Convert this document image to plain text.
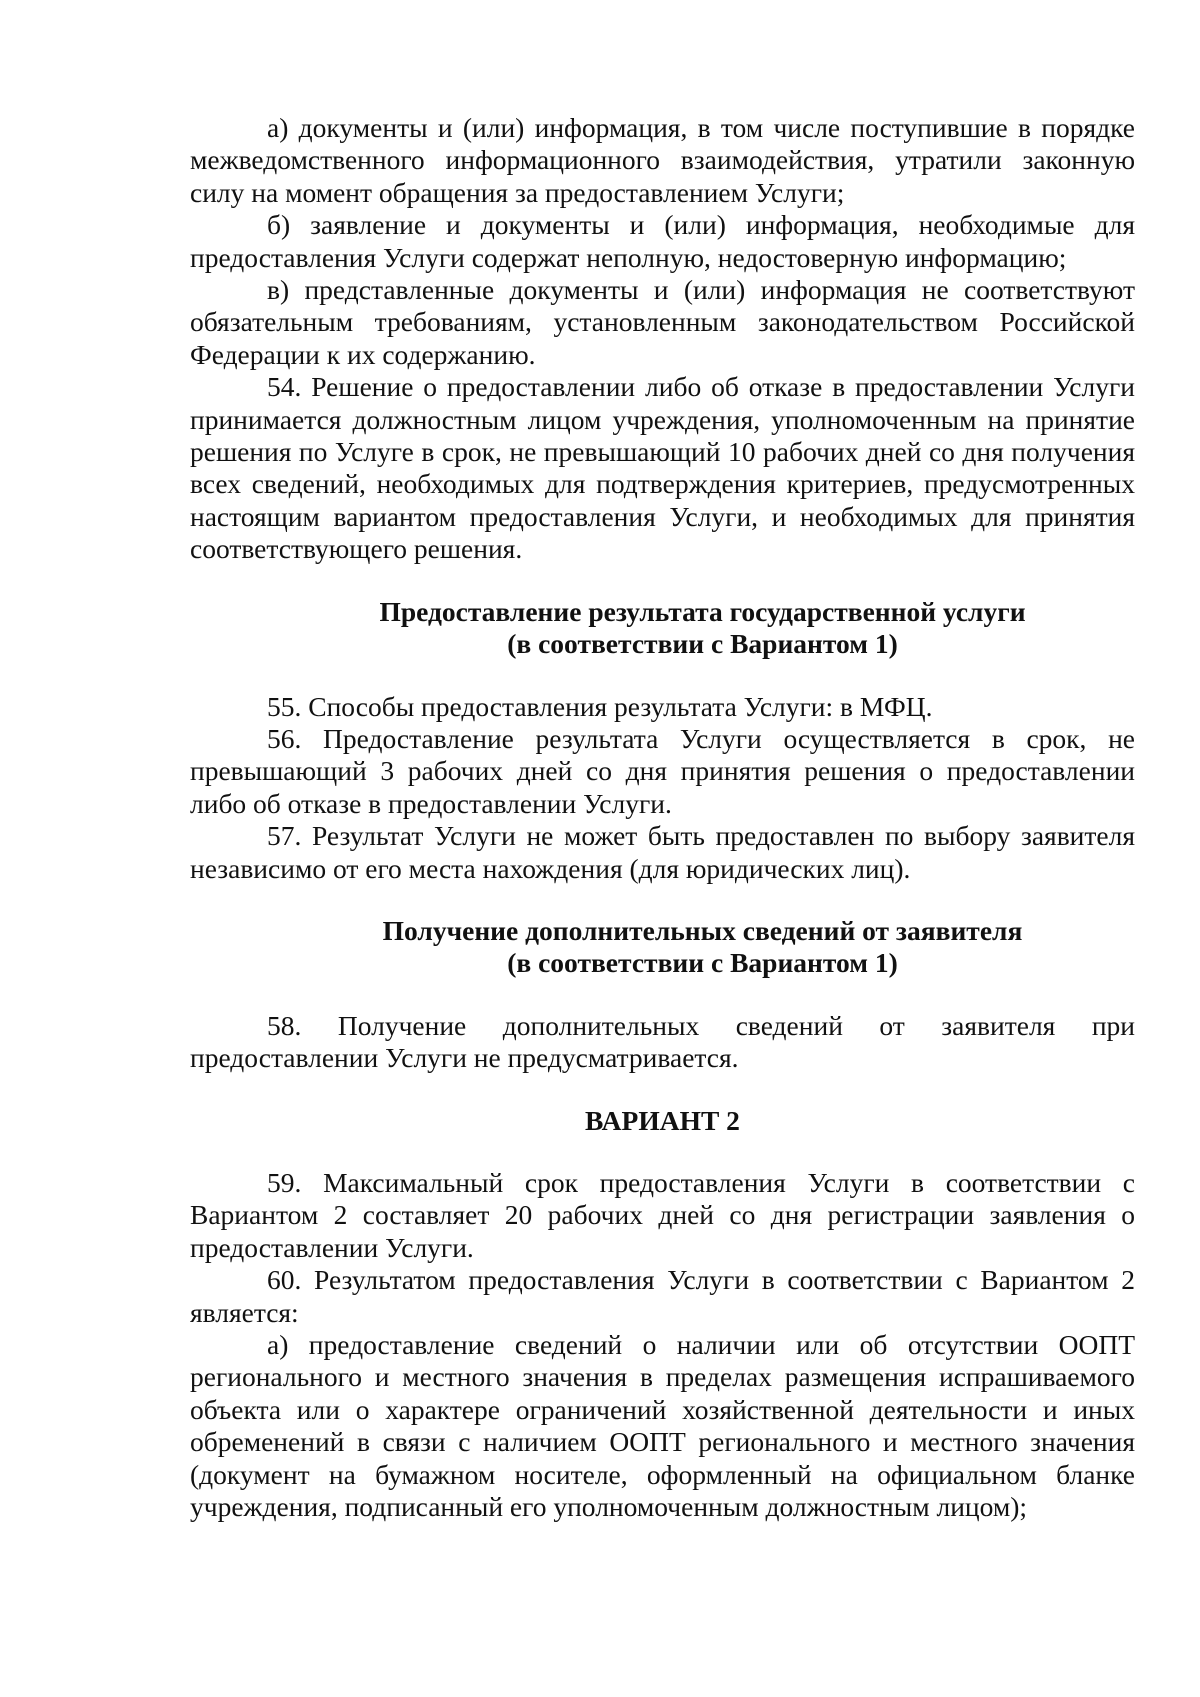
а) документы и (или) информация, в том числе поступившие в порядке межведомственного информационного взаимодействия, утратили законную силу на момент обращения за предоставлением Услуги;

б) заявление и документы и (или) информация, необходимые для предоставления Услуги содержат неполную, недостоверную информацию;

в) представленные документы и (или) информация не соответствуют обязательным требованиям, установленным законодательством Российской Федерации к их содержанию.

54. Решение о предоставлении либо об отказе в предоставлении Услуги принимается должностным лицом учреждения, уполномоченным на принятие решения по Услуге в срок, не превышающий 10 рабочих дней со дня получения всех сведений, необходимых для подтверждения критериев, предусмотренных настоящим вариантом предоставления Услуги, и необходимых для принятия соответствующего решения.

Предоставление результата государственной услуги

(в соответствии с Вариантом 1)

55. Способы предоставления результата Услуги: в МФЦ.

56. Предоставление результата Услуги осуществляется в срок, не превышающий 3 рабочих дней со дня принятия решения о предоставлении либо об отказе в предоставлении Услуги.

57. Результат Услуги не может быть предоставлен по выбору заявителя независимо от его места нахождения (для юридических лиц).

Получение дополнительных сведений от заявителя

(в соответствии с Вариантом 1)

58. Получение дополнительных сведений от заявителя при предоставлении Услуги не предусматривается.

ВАРИАНТ 2

59. Максимальный срок предоставления Услуги в соответствии с Вариантом 2 составляет 20 рабочих дней со дня регистрации заявления о предоставлении Услуги.

60. Результатом предоставления Услуги в соответствии с Вариантом 2 является:

а) предоставление сведений о наличии или об отсутствии ООПТ регионального и местного значения в пределах размещения испрашиваемого объекта или о характере ограничений хозяйственной деятельности и иных обременений в связи с наличием ООПТ регионального и местного значения (документ на бумажном носителе, оформленный на официальном бланке учреждения, подписанный его уполномоченным должностным лицом);
